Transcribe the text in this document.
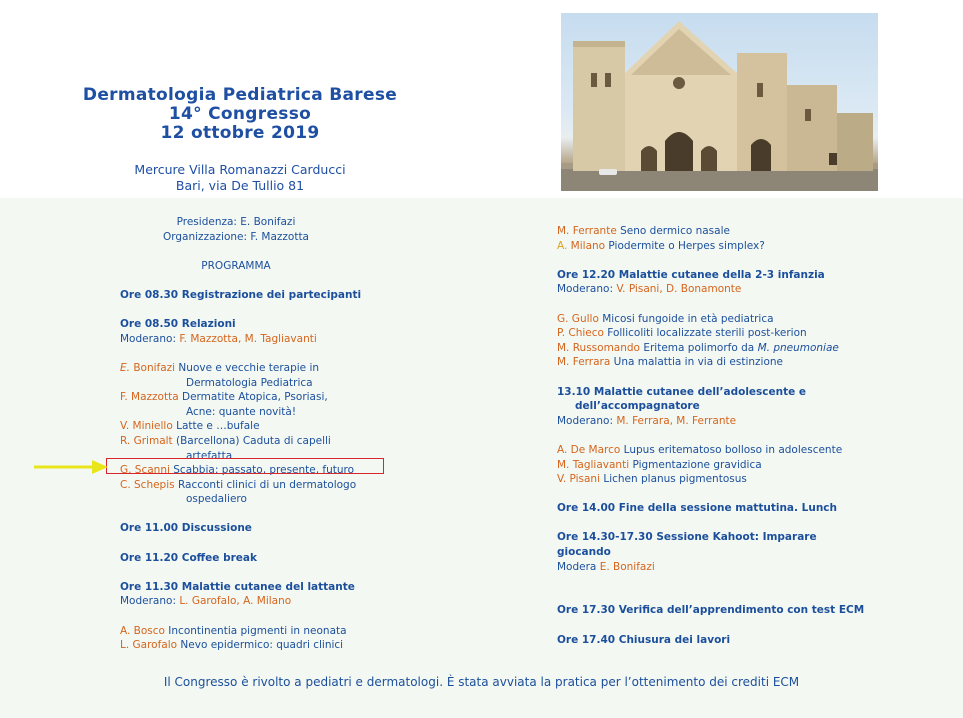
Dermatologia Pediatrica Barese
14° Congresso
12 ottobre 2019
Mercure Villa Romanazzi Carducci
Bari, via De Tullio 81
Presidenza: E. Bonifazi
Organizzazione: F. Mazzotta
PROGRAMMA
Ore 08.30 Registrazione dei partecipanti
Ore 08.50 Relazioni
Moderano: F. Mazzotta, M. Tagliavanti
E. Bonifazi Nuove e vecchie terapie in
Dermatologia Pediatrica
F. Mazzotta Dermatite Atopica, Psoriasi,
Acne: quante novità!
V. Miniello Latte e …bufale
R. Grimalt (Barcellona) Caduta di capelli
artefatta
G. Scanni Scabbia: passato, presente, futuro
C. Schepis Racconti clinici di un dermatologo
ospedaliero
Ore 11.00 Discussione
Ore 11.20 Coffee break
Ore 11.30 Malattie cutanee del lattante
Moderano: L. Garofalo, A. Milano
A. Bosco Incontinentia pigmenti in neonata
L. Garofalo Nevo epidermico: quadri clinici
M. Ferrante Seno dermico nasale
A. Milano Piodermite o Herpes simplex?
Ore 12.20 Malattie cutanee della 2-3 infanzia
Moderano: V. Pisani, D. Bonamonte
G. Gullo Micosi fungoide in età pediatrica
P. Chieco Follicoliti localizzate sterili post-kerion
M. Russomando Eritema polimorfo da M. pneumoniae
M. Ferrara Una malattia in via di estinzione
13.10 Malattie cutanee dell’adolescente e
dell’accompagnatore
Moderano: M. Ferrara, M. Ferrante
A. De Marco Lupus eritematoso bolloso in adolescente
M. Tagliavanti Pigmentazione gravidica
V. Pisani Lichen planus pigmentosus
Ore 14.00 Fine della sessione mattutina. Lunch
Ore 14.30-17.30 Sessione Kahoot: Imparare
giocando
Modera E. Bonifazi
Ore 17.30 Verifica dell’apprendimento con test ECM
Ore 17.40 Chiusura dei lavori
Il Congresso è rivolto a pediatri e dermatologi. È stata avviata la pratica per l’ottenimento dei crediti ECM
